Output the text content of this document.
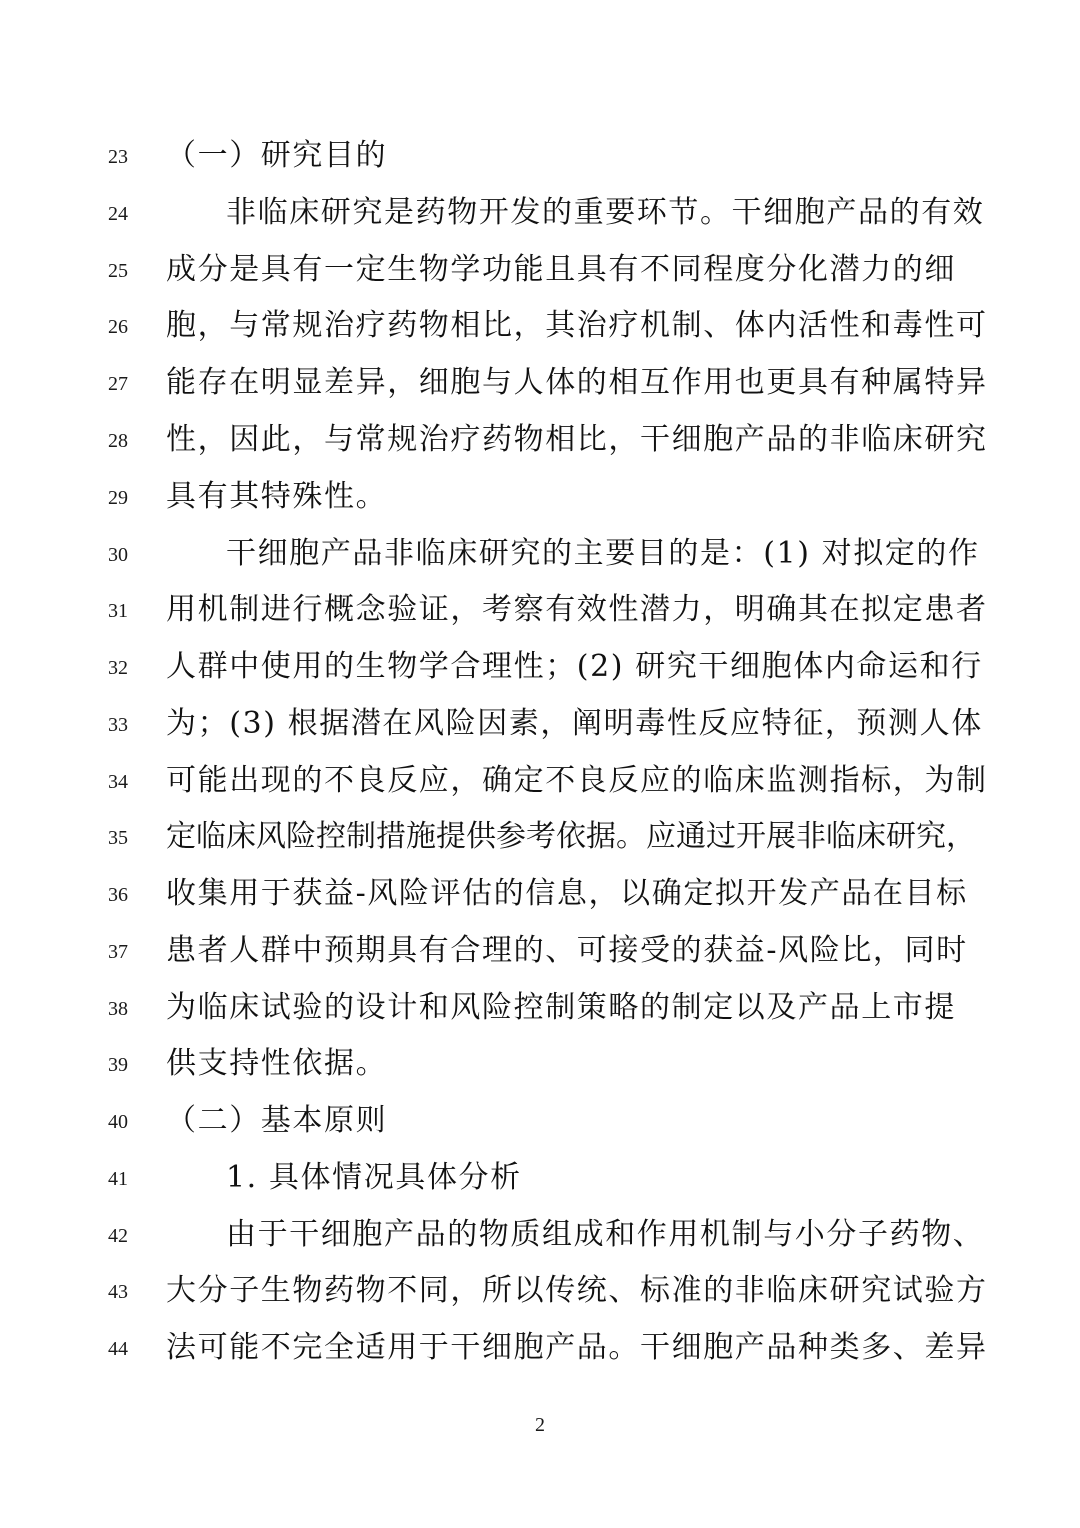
23	（一）研究目的
24	非临床研究是药物开发的重要环节。干细胞产品的有效
25	成分是具有一定生物学功能且具有不同程度分化潜力的细
26	胞，与常规治疗药物相比，其治疗机制、体内活性和毒性可
27	能存在明显差异，细胞与人体的相互作用也更具有种属特异
28	性，因此，与常规治疗药物相比，干细胞产品的非临床研究
29	具有其特殊性。
30	干细胞产品非临床研究的主要目的是：(1) 对拟定的作
31	用机制进行概念验证，考察有效性潜力，明确其在拟定患者
32	人群中使用的生物学合理性；(2) 研究干细胞体内命运和行
33	为；(3) 根据潜在风险因素，阐明毒性反应特征，预测人体
34	可能出现的不良反应，确定不良反应的临床监测指标，为制
35	定临床风险控制措施提供参考依据。应通过开展非临床研究，
36	收集用于获益-风险评估的信息，以确定拟开发产品在目标
37	患者人群中预期具有合理的、可接受的获益-风险比，同时
38	为临床试验的设计和风险控制策略的制定以及产品上市提
39	供支持性依据。
40	（二）基本原则
41	1. 具体情况具体分析
42	由于干细胞产品的物质组成和作用机制与小分子药物、
43	大分子生物药物不同，所以传统、标准的非临床研究试验方
44	法可能不完全适用于干细胞产品。干细胞产品种类多、差异
2
